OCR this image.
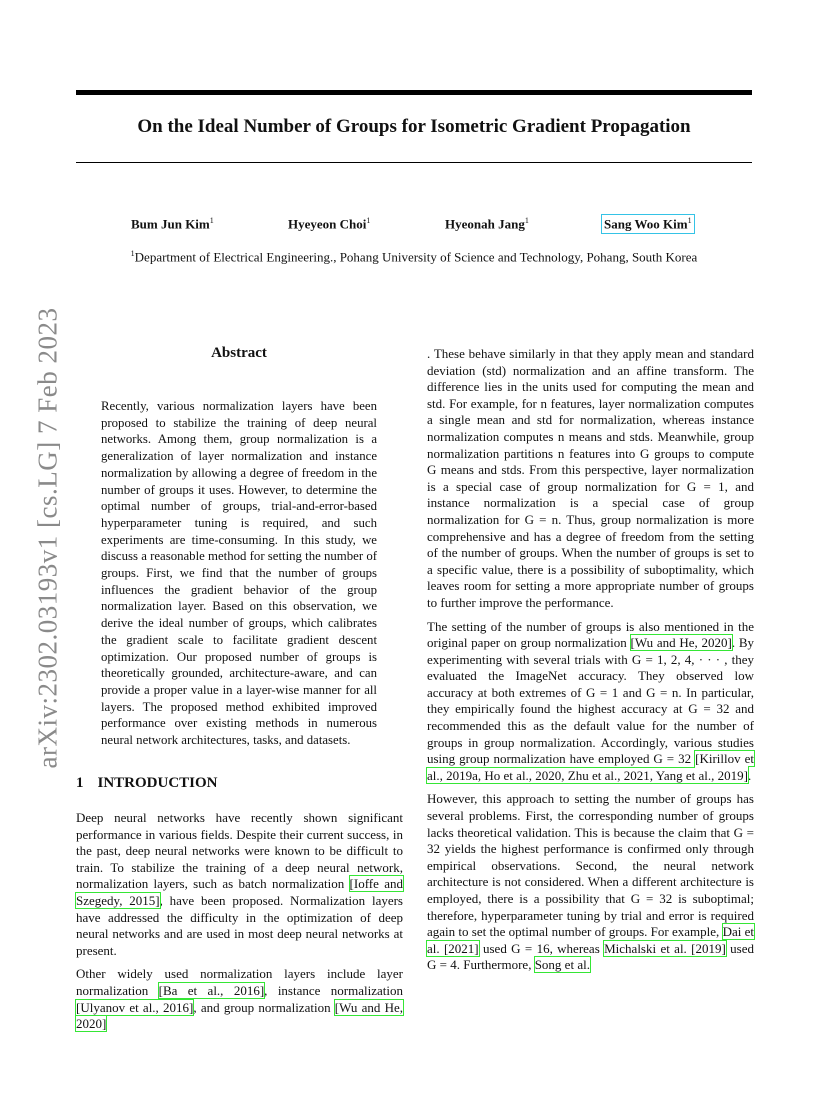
On the Ideal Number of Groups for Isometric Gradient Propagation
Bum Jun Kim$^1$	Hyeyeon Choi$^1$	Hyeonah Jang$^1$	Sang Woo Kim$^1$
$^1$Department of Electrical Engineering., Pohang University of Science and Technology, Pohang, South Korea
arXiv:2302.03193v1 [cs.LG] 7 Feb 2023	Abstract

Recently, various normalization layers have been proposed to stabilize the training of deep neural networks. Among them, group normalization is a generalization of layer normalization and instance normalization by allowing a degree of freedom in the number of groups it uses. However, to determine the optimal number of groups, trial-and-error-based hyperparameter tuning is required, and such experiments are time-consuming. In this study, we discuss a reasonable method for setting the number of groups. First, we find that the number of groups influences the gradient behavior of the group normalization layer. Based on this observation, we derive the ideal number of groups, which calibrates the gradient scale to facilitate gradient descent optimization. Our proposed number of groups is theoretically grounded, architecture-aware, and can provide a proper value in a layer-wise manner for all layers. The proposed method exhibited improved performance over existing methods in numerous neural network architectures, tasks, and datasets.

1 INTRODUCTION

Deep neural networks have recently shown significant performance in various fields. Despite their current success, in the past, deep neural networks were known to be difficult to train. To stabilize the training of a deep neural network, normalization layers, such as batch normalization [Ioffe and Szegedy, 2015], have been proposed. Normalization layers have addressed the difficulty in the optimization of deep neural networks and are used in most deep neural networks at present.

Other widely used normalization layers include layer normalization [Ba et al., 2016], instance normalization [Ulyanov et al., 2016], and group normalization [Wu and He, 2020]

. These behave similarly in that they apply mean and standard deviation (std) normalization and an affine transform. The difference lies in the units used for computing the mean and std. For example, for n features, layer normalization computes a single mean and std for normalization, whereas instance normalization computes n means and stds. Meanwhile, group normalization partitions n features into G groups to compute G means and stds. From this perspective, layer normalization is a special case of group normalization for G = 1, and instance normalization is a special case of group normalization for G = n. Thus, group normalization is more comprehensive and has a degree of freedom from the setting of the number of groups. When the number of groups is set to a specific value, there is a possibility of suboptimality, which leaves room for setting a more appropriate number of groups to further improve the performance.

The setting of the number of groups is also mentioned in the original paper on group normalization [Wu and He, 2020]. By experimenting with several trials with G = 1, 2, 4, · · · , they evaluated the ImageNet accuracy. They observed low accuracy at both extremes of G = 1 and G = n. In particular, they empirically found the highest accuracy at G = 32 and recommended this as the default value for the number of groups in group normalization. Accordingly, various studies using group normalization have employed G = 32 [Kirillov et al., 2019a, Ho et al., 2020, Zhu et al., 2021, Yang et al., 2019].

However, this approach to setting the number of groups has several problems. First, the corresponding number of groups lacks theoretical validation. This is because the claim that G = 32 yields the highest performance is confirmed only through empirical observations. Second, the neural network architecture is not considered. When a different architecture is employed, there is a possibility that G = 32 is suboptimal; therefore, hyperparameter tuning by trial and error is required again to set the optimal number of groups. For example, Dai et al. [2021] used G = 16, whereas Michalski et al. [2019] used G = 4. Furthermore, Song et al.
